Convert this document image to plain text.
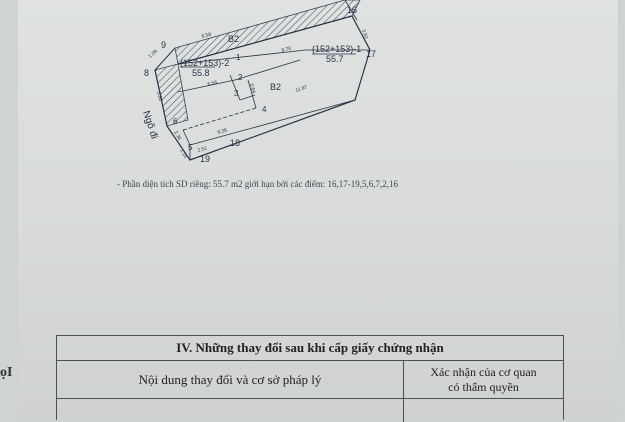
16
17
8
9
1
2
3
4
5
6
18
19
B2
B2
(152+153)-2
55.8
(152+153)-1
55.7
Ngõ đi
8.58
8.70
3.92
11.97
8.56
8.28
2.51
3.80
1.09
1.14
2.36
0.84
- Phần diện tích SD riêng: 55.7 m2 giới hạn bởi các điểm: 16,17-19,5,6,7,2,16
ọI
IV. Những thay đổi sau khi cấp giấy chứng nhận
Nội dung thay đổi và cơ sở pháp lý	Xác nhận của cơ quan
có thẩm quyền
